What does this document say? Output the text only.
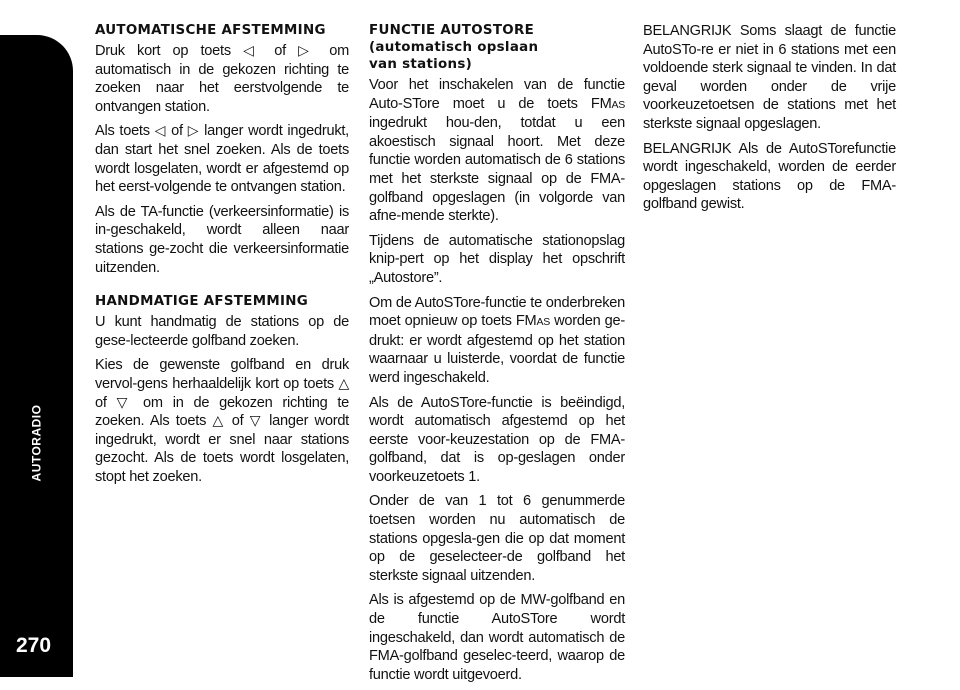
AUTORADIO
270
AUTOMATISCHE AFSTEMMING

Druk kort op toets ◁ of ▷ om automatisch in de gekozen richting te zoeken naar het eerstvolgende te ontvangen station.

Als toets ◁ of ▷ langer wordt ingedrukt, dan start het snel zoeken. Als de toets wordt losgelaten, wordt er afgestemd op het eerst-volgende te ontvangen station.

Als de TA-functie (verkeersinformatie) is in-geschakeld, wordt alleen naar stations ge-zocht die verkeersinformatie uitzenden.

HANDMATIGE AFSTEMMING

U kunt handmatig de stations op de gese-lecteerde golfband zoeken.

Kies de gewenste golfband en druk vervol-gens herhaaldelijk kort op toets △ of ▽ om in de gekozen richting te zoeken. Als toets △ of ▽ langer wordt ingedrukt, wordt er snel naar stations gezocht. Als de toets wordt losgelaten, stopt het zoeken.

FUNCTIE AUTOSTORE
(automatisch opslaan
van stations)

Voor het inschakelen van de functie Auto-STore moet u de toets FMAS ingedrukt hou-den, totdat u een akoestisch signaal hoort. Met deze functie worden automatisch de 6 stations met het sterkste signaal op de FMA-golfband opgeslagen (in volgorde van afne-mende sterkte).

Tijdens de automatische stationopslag knip-pert op het display het opschrift „Autostore”.

Om de AutoSTore-functie te onderbreken moet opnieuw op toets FMAS worden ge-drukt: er wordt afgestemd op het station waarnaar u luisterde, voordat de functie werd ingeschakeld.

Als de AutoSTore-functie is beëindigd, wordt automatisch afgestemd op het eerste voor-keuzestation op de FMA-golfband, dat is op-geslagen onder voorkeuzetoets 1.

Onder de van 1 tot 6 genummerde toetsen worden nu automatisch de stations opgesla-gen die op dat moment op de geselecteer-de golfband het sterkste signaal uitzenden.

Als is afgestemd op de MW-golfband en de functie AutoSTore wordt ingeschakeld, dan wordt automatisch de FMA-golfband geselec-teerd, waarop de functie wordt uitgevoerd.

BELANGRIJK Soms slaagt de functie AutoSTo-re er niet in 6 stations met een voldoende sterk signaal te vinden. In dat geval worden onder de vrije voorkeuzetoetsen de stations met het sterkste signaal opgeslagen.

BELANGRIJK Als de AutoSTorefunctie wordt ingeschakeld, worden de eerder opgeslagen stations op de FMA-golfband gewist.
